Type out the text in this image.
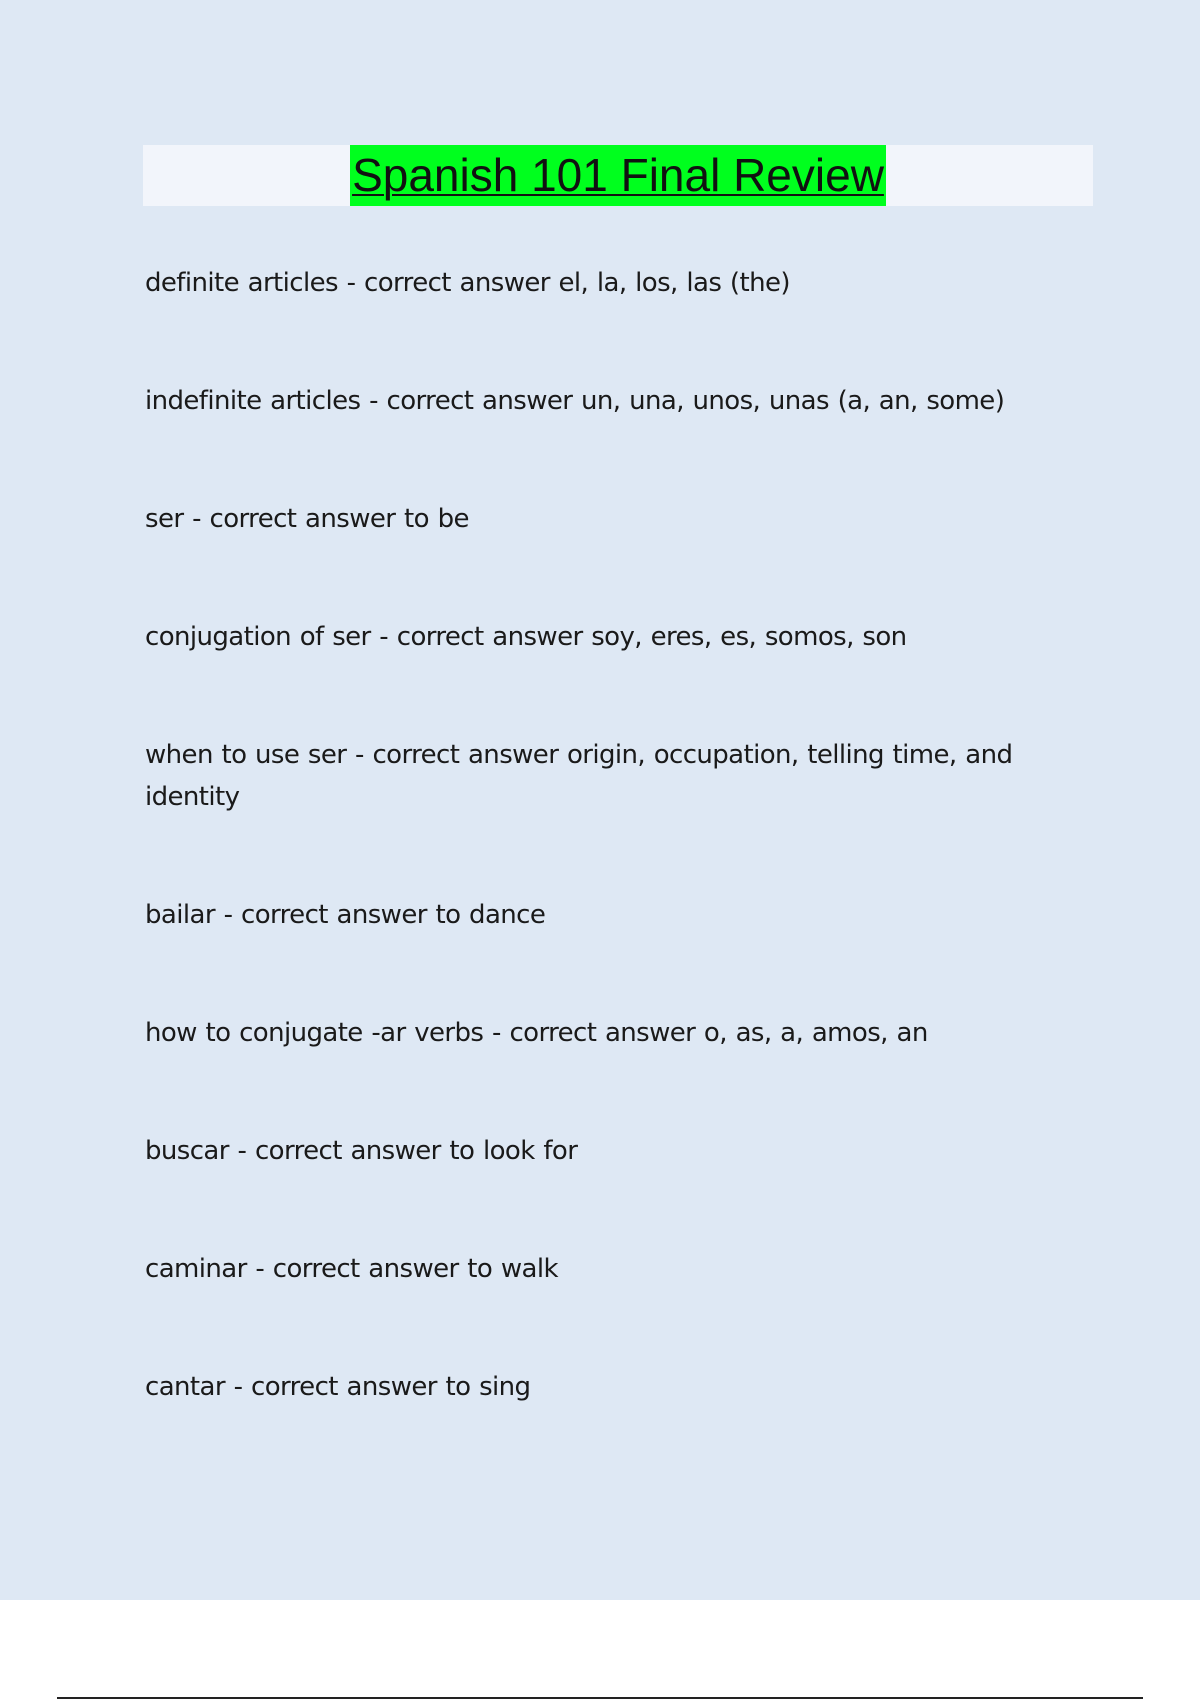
Spanish 101 Final Review
definite articles - correct answer el, la, los, las (the)
indefinite articles - correct answer un, una, unos, unas (a, an, some)
ser - correct answer to be
conjugation of ser - correct answer soy, eres, es, somos, son
when to use ser - correct answer origin, occupation, telling time, and identity
bailar - correct answer to dance
how to conjugate -ar verbs - correct answer o, as, a, amos, an
buscar - correct answer to look for
caminar - correct answer to walk
cantar - correct answer to sing
